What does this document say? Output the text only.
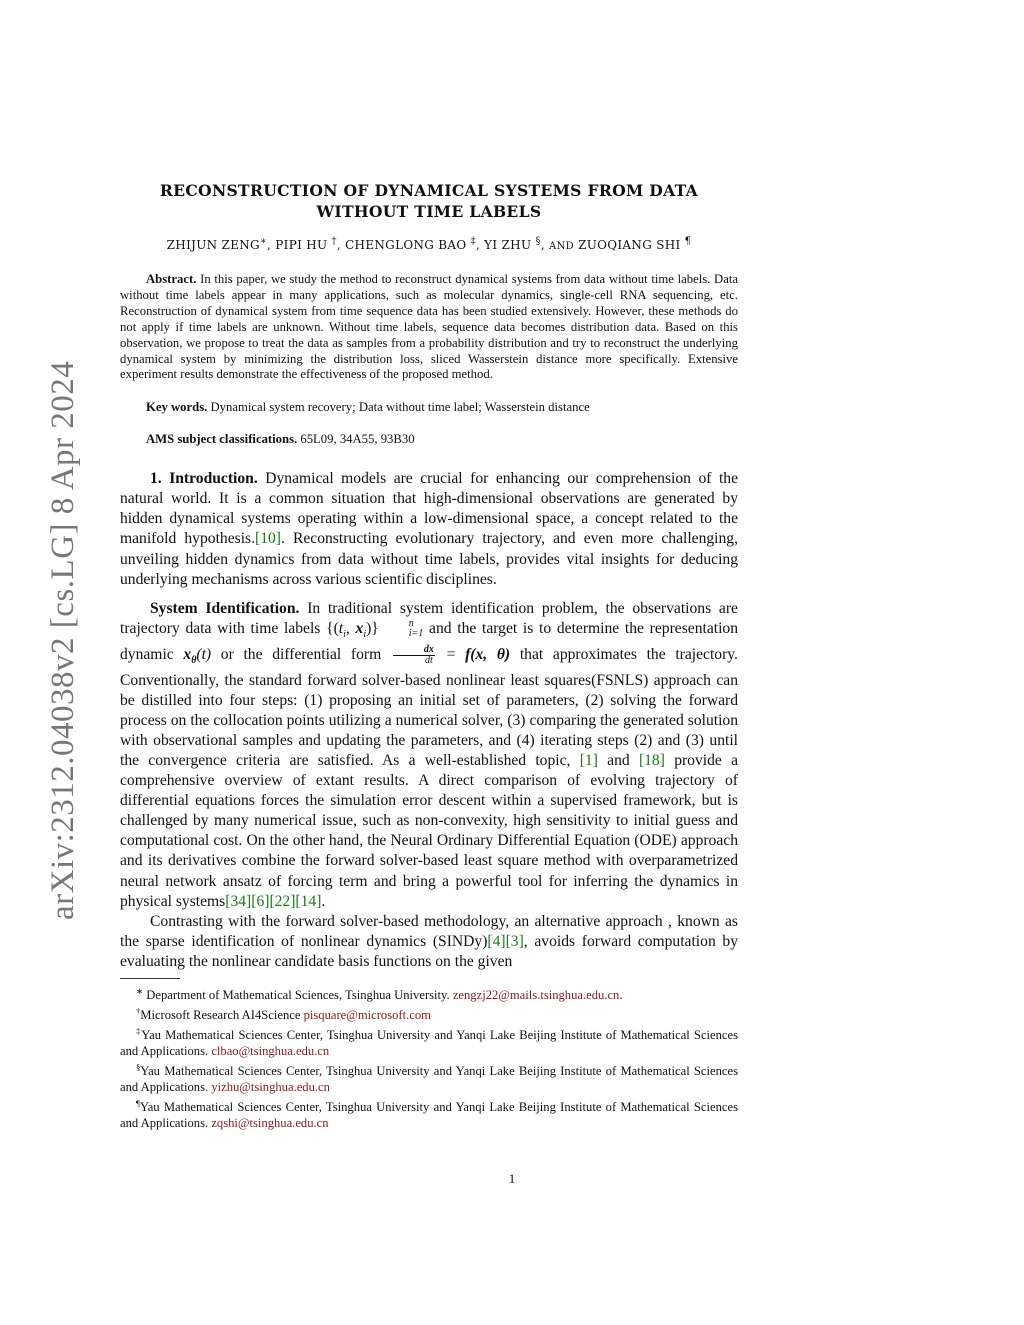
arXiv:2312.04038v2 [cs.LG] 8 Apr 2024

RECONSTRUCTION OF DYNAMICAL SYSTEMS FROM DATA

WITHOUT TIME LABELS

ZHIJUN ZENG∗, PIPI HU †, CHENGLONG BAO ‡, YI ZHU §, AND ZUOQIANG SHI ¶

Abstract. In this paper, we study the method to reconstruct dynamical systems from data without time labels. Data without time labels appear in many applications, such as molecular dynamics, single-cell RNA sequencing, etc. Reconstruction of dynamical system from time sequence data has been studied extensively. However, these methods do not apply if time labels are unknown. Without time labels, sequence data becomes distribution data. Based on this observation, we propose to treat the data as samples from a probability distribution and try to reconstruct the underlying dynamical system by minimizing the distribution loss, sliced Wasserstein distance more specifically. Extensive experiment results demonstrate the effectiveness of the proposed method.

Key words. Dynamical system recovery; Data without time label; Wasserstein distance

AMS subject classifications. 65L09, 34A55, 93B30

1. Introduction. Dynamical models are crucial for enhancing our comprehension of the natural world. It is a common situation that high-dimensional observations are generated by hidden dynamical systems operating within a low-dimensional space, a concept related to the manifold hypothesis.[10]. Reconstructing evolutionary trajectory, and even more challenging, unveiling hidden dynamics from data without time labels, provides vital insights for deducing underlying mechanisms across various scientific disciplines.

System Identification. In traditional system identification problem, the observations are trajectory data with time labels {($t_i$, $x_i$)}	n
i=1 and the target is to determine the representation dynamic $x_\theta(t)$ or the differential form $\frac{dx}{dt} = f(x$, θ) that approximates the trajectory. Conventionally, the standard forward solver-based nonlinear least squares(FSNLS) approach can be distilled into four steps: (1) proposing an initial set of parameters, (2) solving the forward process on the collocation points utilizing a numerical solver, (3) comparing the generated solution with observational samples and updating the parameters, and (4) iterating steps (2) and (3) until the convergence criteria are satisfied. As a well-established topic, [1] and [18] provide a comprehensive overview of extant results. A direct comparison of evolving trajectory of differential equations forces the simulation error descent within a supervised framework, but is challenged by many numerical issue, such as non-convexity, high sensitivity to initial guess and computational cost. On the other hand, the Neural Ordinary Differential Equation (ODE) approach and its derivatives combine the forward solver-based least square method with overparametrized neural network ansatz of forcing term and bring a powerful tool for inferring the dynamics in physical systems[34][6][22][14].

Contrasting with the forward solver-based methodology, an alternative approach , known as the sparse identification of nonlinear dynamics (SINDy)[4][3], avoids forward computation by evaluating the nonlinear candidate basis functions on the given

∗ Department of Mathematical Sciences, Tsinghua University. zengzj22@mails.tsinghua.edu.cn.

†Microsoft Research AI4Science pisquare@microsoft.com

‡Yau Mathematical Sciences Center, Tsinghua University and Yanqi Lake Beijing Institute of Mathematical Sciences and Applications. clbao@tsinghua.edu.cn

§Yau Mathematical Sciences Center, Tsinghua University and Yanqi Lake Beijing Institute of Mathematical Sciences and Applications. yizhu@tsinghua.edu.cn

¶Yau Mathematical Sciences Center, Tsinghua University and Yanqi Lake Beijing Institute of Mathematical Sciences and Applications. zqshi@tsinghua.edu.cn

1
